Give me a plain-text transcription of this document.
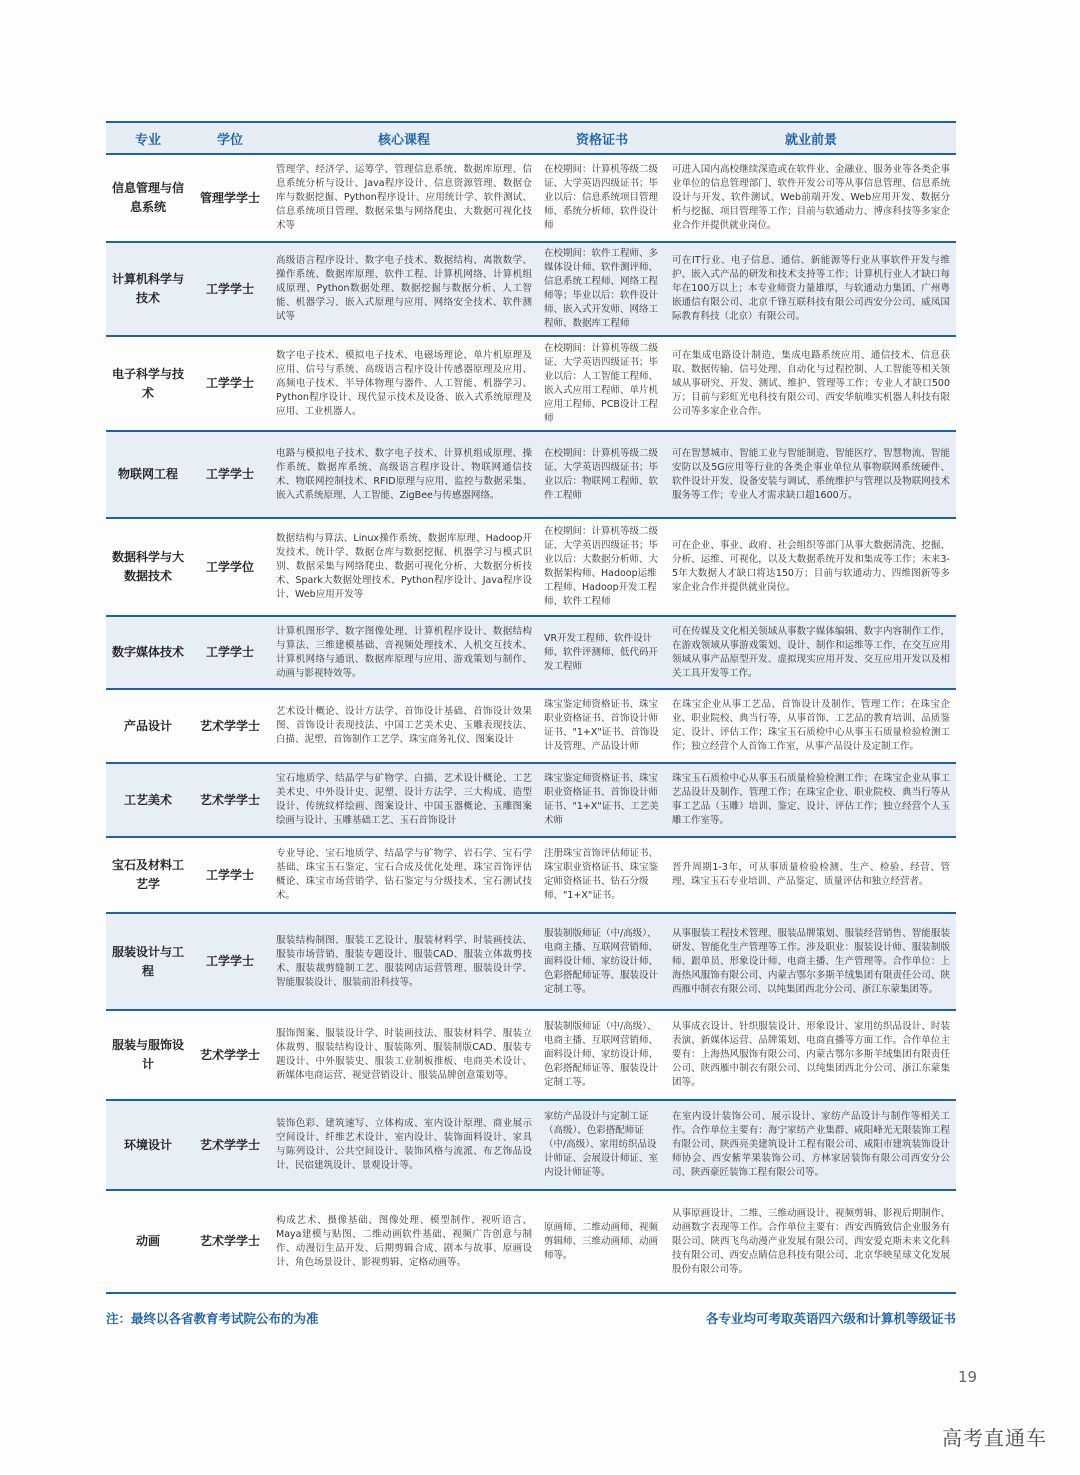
专业	学位	核心课程	资格证书	就业前景
信息管理与信息系统	管理学学士	管理学、经济学、运筹学、管理信息系统、数据库原理、信息系统分析与设计、Java程序设计、信息资源管理、数据仓库与数据挖掘、Python程序设计、应用统计学、软件测试、信息系统项目管理、数据采集与网络爬虫、大数据可视化技术等	在校期间：计算机等级二级证、大学英语四级证书；毕业以后：信息系统项目管理师、系统分析师、软件设计师	可进入国内高校继续深造或在软件业、金融业、服务业等各类企事业单位的信息管理部门、软件开发公司等从事信息管理、信息系统设计与开发、软件测试、Web前端开发、Web应用开发、数据分析与挖掘、项目管理等工作；目前与软通动力、博彦科技等多家企业合作并提供就业岗位。
计算机科学与技术	工学学士	高级语言程序设计、数字电子技术、数据结构、离散数学、操作系统、数据库原理、软件工程、计算机网络、计算机组成原理、Python数据处理、数据挖掘与数据分析、人工智能、机器学习、嵌入式原理与应用、网络安全技术、软件测试等	在校期间：软件工程师、多媒体设计师、软件测评师、信息系统工程师、网络工程师等；毕业以后：软件设计师、嵌入式开发师、网络工程师、数据库工程师	可在IT行业、电子信息、通信、新能源等行业从事软件开发与维护、嵌入式产品的研发和技术支持等工作；计算机行业人才缺口每年在100万以上；本专业师资力量雄厚，与软通动力集团、广州粤嵌通信有限公司、北京千锋互联科技有限公司西安分公司、威凤国际教育科技（北京）有限公司。
电子科学与技术	工学学士	数字电子技术、模拟电子技术、电磁场理论、单片机原理及应用、信号与系统、高级语言程序设计传感器原理及应用、高频电子技术、半导体物理与器件、人工智能、机器学习、Python程序设计、现代显示技术及设备、嵌入式系统原理及应用、工业机器人。	在校期间：计算机等级二级证、大学英语四级证书；毕业以后：人工智能工程师、嵌入式应用工程师、单片机应用工程师、PCB设计工程师	可在集成电路设计制造、集成电路系统应用、通信技术、信息获取、数据传输、信号处理、自动化与过程控制、人工智能等相关领域从事研究、开发、测试、维护、管理等工作；专业人才缺口500万；目前与彩虹光电科技有限公司、西安华航唯实机器人科技有限公司等多家企业合作。
物联网工程	工学学士	电路与模拟电子技术、数字电子技术、计算机组成原理、操作系统、数据库系统、高级语言程序设计、物联网通信技术、物联网控制技术、RFID原理与应用、监控与数据采集、嵌入式系统原理、人工智能、ZigBee与传感器网络。	在校期间：计算机等级二级证、大学英语四级证书；毕业以后：物联网工程师、软件工程师	可在智慧城市、智能工业与智能制造、智能医疗、智慧物流、智能安防以及5G应用等行业的各类企事业单位从事物联网系统硬件、软件设计开发、设备安装与调试、系统维护与管理以及物联网技术服务等工作；专业人才需求缺口超1600万。
数据科学与大数据技术	工学学位	数据结构与算法、Linux操作系统、数据库原理、Hadoop开发技术、统计学、数据仓库与数据挖掘、机器学习与模式识别、数据采集与网络爬虫、数据可视化分析、大数据分析技术、Spark大数据处理技术、Python程序设计、Java程序设计、Web应用开发等	在校期间：计算机等级二级证、大学英语四级证书；毕业以后：大数据分析师、大数据架构师、Hadoop运维工程师、Hadoop开发工程师、软件工程师	可在企业、事业、政府、社会组织等部门从事大数据清洗、挖掘、分析、运维、可视化，以及大数据系统开发和集成等工作；未来3-5年大数据人才缺口将达150万；目前与软通动力、四维图新等多家企业合作并提供就业岗位。
数字媒体技术	工学学士	计算机图形学、数字图像处理、计算机程序设计、数据结构与算法、三维建模基础、音视频处理技术、人机交互技术、计算机网络与通讯、数据库原理与应用、游戏策划与制作、动画与影视特效等。	VR开发工程师、软件设计师、软件评测师、低代码开发工程师	可在传媒及文化相关领域从事数字媒体编辑、数字内容制作工作，在游戏领域从事游戏策划、设计、制作和运维等工作，在交互应用领域从事产品原型开发、虚拟现实应用开发、交互应用开发以及相关工具开发等工作。
产品设计	艺术学学士	艺术设计概论、设计方法学、首饰设计基础、首饰设计效果图、首饰设计表现技法、中国工艺美术史、玉雕表现技法、白描、泥塑、首饰制作工艺学、珠宝商务礼仪、图案设计	珠宝鉴定师资格证书、珠宝职业资格证书、首饰设计师证书、"1+X"证书、首饰设计及管理、产品设计师	在珠宝企业从事工艺品、首饰设计及制作、管理工作；在珠宝企业、职业院校、典当行等，从事首饰、工艺品的教育培训、品质鉴定、设计、评估工作；珠宝玉石质检中心从事玉石质量检验检测工作；独立经营个人首饰工作室，从事产品设计及定制工作。
工艺美术	艺术学学士	宝石地质学、结晶学与矿物学、白描、艺术设计概论、工艺美术史、中外设计史、泥塑、设计方法学、三大构成、造型设计、传统纹样绘画、图案设计、中国玉器概论、玉雕图案绘画与设计、玉雕基础工艺、玉石首饰设计	珠宝鉴定师资格证书、珠宝职业资格证书、首饰设计师证书、"1+X"证书、工艺美术师	珠宝玉石质检中心从事玉石质量检验检测工作；在珠宝企业从事工艺品设计及制作、管理工作；在珠宝企业、职业院校、典当行等从事工艺品（玉雕）培训、鉴定、设计、评估工作；独立经营个人玉雕工作室等。
宝石及材料工艺学	工学学士	专业导论、宝石地质学、结晶学与矿物学、岩石学、宝石学基础、珠宝玉石鉴定、宝石合成及优化处理、珠宝首饰评估概论、珠宝市场营销学、钻石鉴定与分级技术、宝石测试技术。	注册珠宝首饰评估师证书、珠宝职业资格证书、珠宝鉴定师资格证书、钻石分级师、"1+X"证书。	晋升周期1-3年，可从事质量检验检测、生产、检验、经营、管理、珠宝玉石专业培训、产品鉴定、质量评估和独立经营者。
服装设计与工程	工学学士	服装结构制图、服装工艺设计、服装材料学、时装画技法、服装市场营销、服装专题设计、服装CAD、服装立体裁剪技术、服装裁剪缝制工艺、服装网店运营管理、服装设计学、智能服装设计、服装前沿科技等。	服装制版师证（中/高级）、电商主播、互联网营销师、面料设计师、家纺设计师、色彩搭配师证等、服装设计定制工等。	从事服装工程技术管理、服装品牌策划、服装经营销售、智能服装研发、智能化生产管理等工作。涉及职业：服装设计师、服装制版师、跟单员、形象设计师、电商主播、生产管理等。合作单位：上海热风服饰有限公司、内蒙古鄂尔多斯羊绒集团有限责任公司、陕西雁中制衣有限公司、以纯集团西北分公司、浙江东蒙集团等。
服装与服饰设计	艺术学学士	服饰图案、服装设计学、时装画技法、服装材料学、服装立体裁剪、服装结构设计、服装陈列、服装制版CAD、服装专题设计、中外服装史、服装工业制板推板、电商美术设计、新媒体电商运营、视觉营销设计、服装品牌创意策划等。	服装制版师证（中/高级）、电商主播、互联网营销师、面料设计师、家纺设计师、色彩搭配师证等、服装设计定制工等。	从事成衣设计、针织服装设计、形象设计、家用纺织品设计、时装表演、新媒体运营、品牌策划、电商直播等方面工作。合作单位主要有：上海热风服饰有限公司、内蒙古鄂尔多斯羊绒集团有限责任公司、陕西雁中制衣有限公司、以纯集团西北分公司、浙江东蒙集团等。
环境设计	艺术学学士	装饰色彩、建筑速写、立体构成、室内设计原理、商业展示空间设计、纤维艺术设计、室内设计、装饰面料设计、家具与陈列设计、公共空间设计、装饰风格与流派、布艺饰品设计、民宿建筑设计、景观设计等。	家纺产品设计与定制工证（高级）、色彩搭配师证（中/高级）、家用纺织品设计师证、会展设计师证、室内设计师证等。	在室内设计装饰公司、展示设计、家纺产品设计与制作等相关工作。合作单位主要有：海宁家纺产业集群、咸阳峰光无限装饰工程有限公司、陕西亮美建筑设计工程有限公司、咸阳市建筑装饰设计师协会、西安紫苹果装饰公司、方林家居装饰有限公司西安分公司、陕西豪匠装饰工程有限公司等。
动画	艺术学学士	构成艺术、摄像基础、图像处理、模型制作、视听语言、Maya建模与贴图、二维动画软件基础、视频广告创意与制作、动漫衍生品开发、后期剪辑合成、剧本与故事、原画设计、角色场景设计、影视剪辑、定格动画等。	原画师、二维动画师、视频剪辑师、三维动画师、动画师等。	从事原画设计、二维、三维动画设计、视频剪辑、影视后期制作、动画数字表现等工作。合作单位主要有：西安西腾致信企业服务有限公司、陕西飞鸟动漫产业发展有限公司、西安爱克斯未来文化科技有限公司、西安点睛信息科技有限公司、北京华映星球文化发展股份有限公司等。
注：最终以各省教育考试院公布的为准	各专业均可考取英语四六级和计算机等级证书
19
高考直通车
